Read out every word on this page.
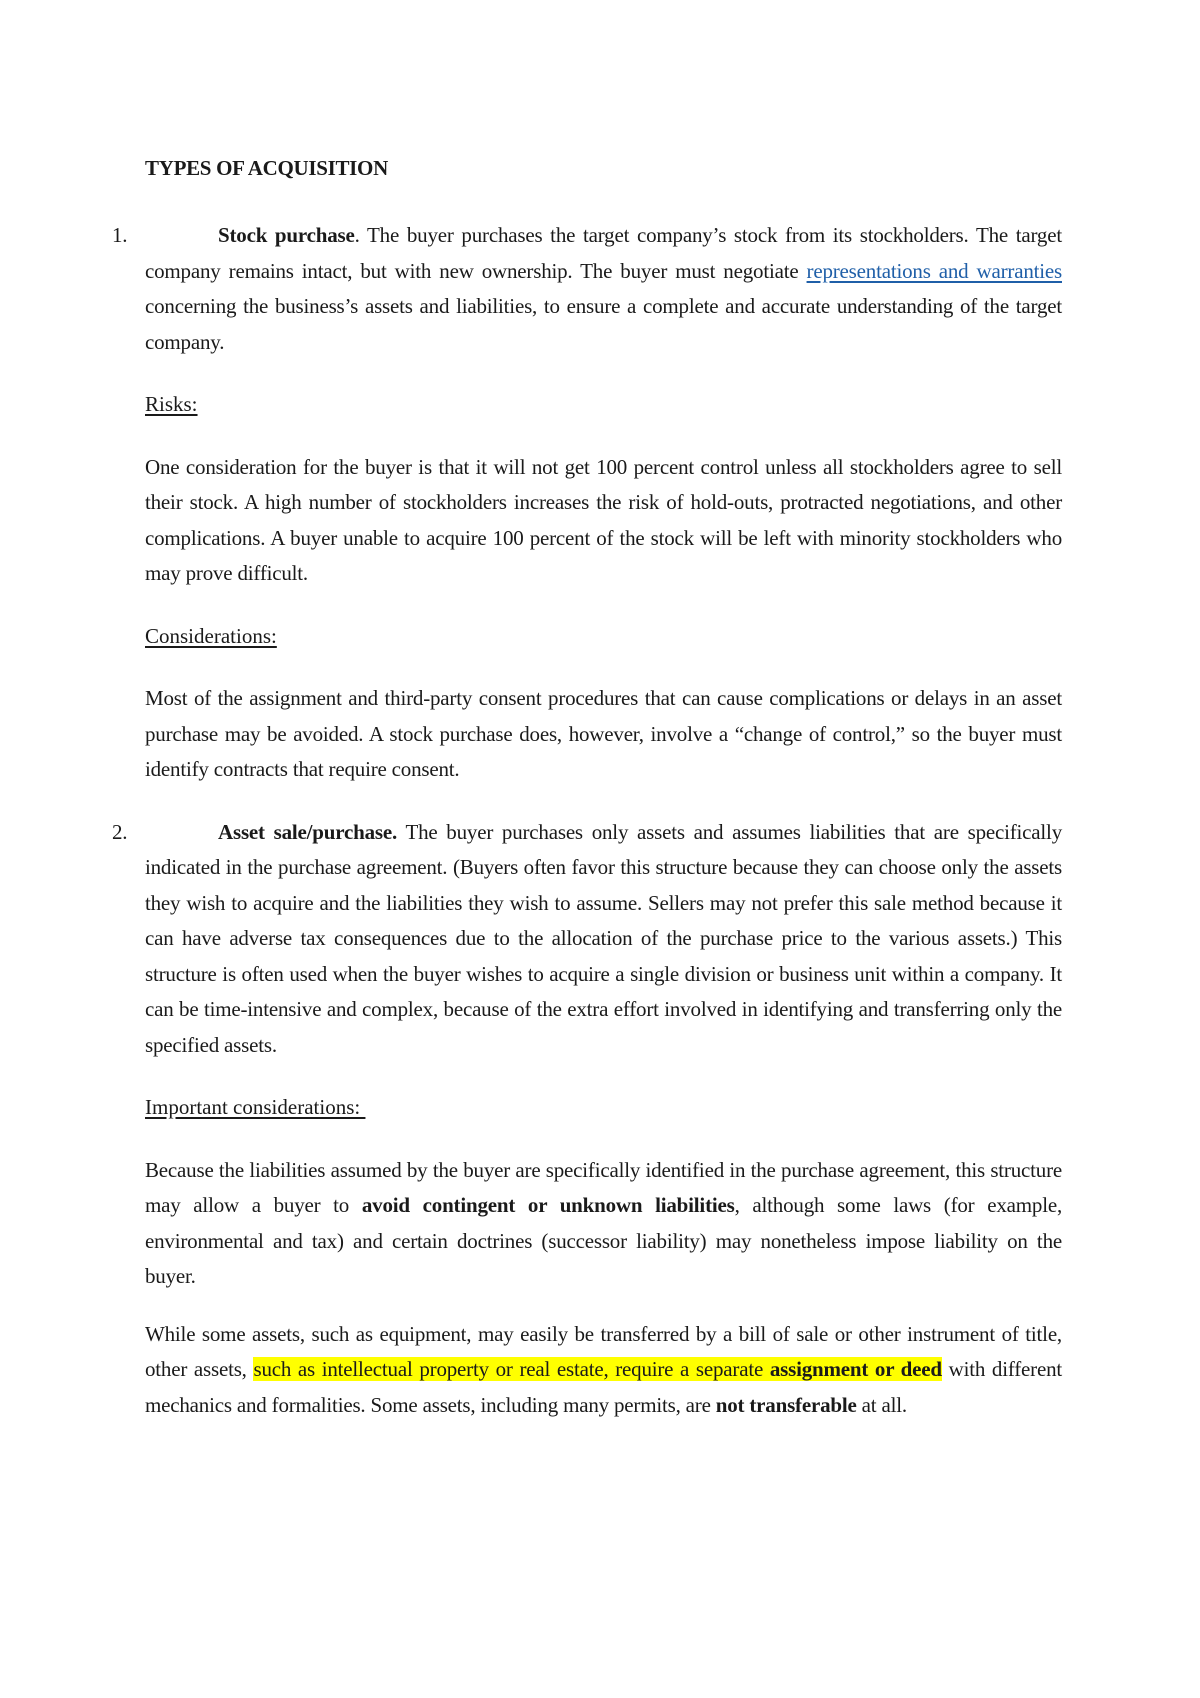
TYPES OF ACQUISITION

1.	Stock purchase. The buyer purchases the target company’s stock from its stockholders. The target company remains intact, but with new ownership. The buyer must negotiate representations and warranties concerning the business’s assets and liabilities, to ensure a complete and accurate understanding of the target company.

Risks:

One consideration for the buyer is that it will not get 100 percent control unless all stockholders agree to sell their stock. A high number of stockholders increases the risk of hold-outs, protracted negotiations, and other complications. A buyer unable to acquire 100 percent of the stock will be left with minority stockholders who may prove difficult.

Considerations:

Most of the assignment and third-party consent procedures that can cause complications or delays in an asset purchase may be avoided. A stock purchase does, however, involve a “change of control,” so the buyer must identify contracts that require consent.

2.	Asset sale/purchase. The buyer purchases only assets and assumes liabilities that are specifically indicated in the purchase agreement. (Buyers often favor this structure because they can choose only the assets they wish to acquire and the liabilities they wish to assume. Sellers may not prefer this sale method because it can have adverse tax consequences due to the allocation of the purchase price to the various assets.) This structure is often used when the buyer wishes to acquire a single division or business unit within a company. It can be time-intensive and complex, because of the extra effort involved in identifying and transferring only the specified assets.

Important considerations:

Because the liabilities assumed by the buyer are specifically identified in the purchase agreement, this structure may allow a buyer to avoid contingent or unknown liabilities, although some laws (for example, environmental and tax) and certain doctrines (successor liability) may nonetheless impose liability on the buyer.

While some assets, such as equipment, may easily be transferred by a bill of sale or other instrument of title, other assets, such as intellectual property or real estate, require a separate assignment or deed with different mechanics and formalities. Some assets, including many permits, are not transferable at all.
